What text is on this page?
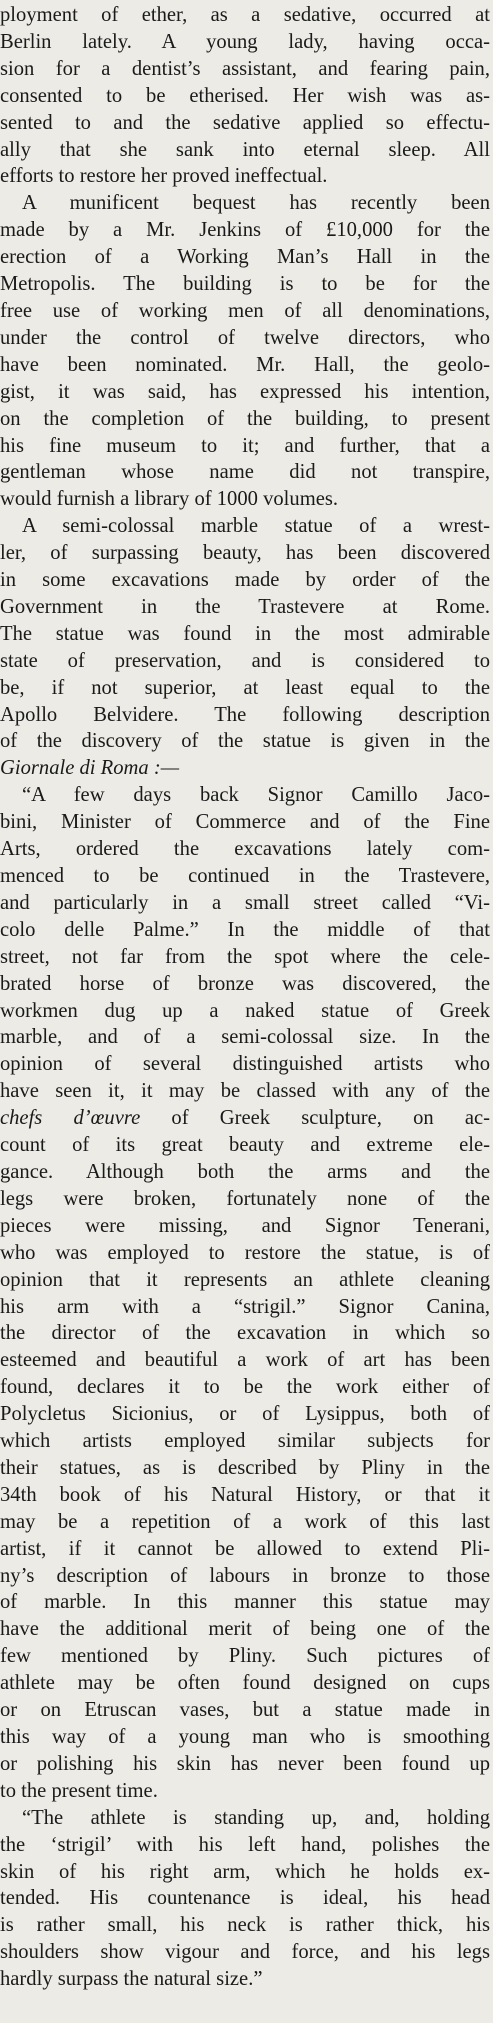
ployment of ether, as a sedative, occurred at
Berlin lately. A young lady, having occa-
sion for a dentist’s assistant, and fearing pain,
consented to be etherised. Her wish was as-
sented to and the sedative applied so effectu-
ally that she sank into eternal sleep. All
efforts to restore her proved ineffectual.
A munificent bequest has recently been
made by a Mr. Jenkins of £10,000 for the
erection of a Working Man’s Hall in the
Metropolis. The building is to be for the
free use of working men of all denominations,
under the control of twelve directors, who
have been nominated. Mr. Hall, the geolo-
gist, it was said, has expressed his intention,
on the completion of the building, to present
his fine museum to it; and further, that a
gentleman whose name did not transpire,
would furnish a library of 1000 volumes.
A semi-colossal marble statue of a wrest-
ler, of surpassing beauty, has been discovered
in some excavations made by order of the
Government in the Trastevere at Rome.
The statue was found in the most admirable
state of preservation, and is considered to
be, if not superior, at least equal to the
Apollo Belvidere. The following description
of the discovery of the statue is given in the
Giornale di Roma :—
“A few days back Signor Camillo Jaco-
bini, Minister of Commerce and of the Fine
Arts, ordered the excavations lately com-
menced to be continued in the Trastevere,
and particularly in a small street called “Vi-
colo delle Palme.” In the middle of that
street, not far from the spot where the cele-
brated horse of bronze was discovered, the
workmen dug up a naked statue of Greek
marble, and of a semi-colossal size. In the
opinion of several distinguished artists who
have seen it, it may be classed with any of the
chefs d’œuvre of Greek sculpture, on ac-
count of its great beauty and extreme ele-
gance. Although both the arms and the
legs were broken, fortunately none of the
pieces were missing, and Signor Tenerani,
who was employed to restore the statue, is of
opinion that it represents an athlete cleaning
his arm with a “strigil.” Signor Canina,
the director of the excavation in which so
esteemed and beautiful a work of art has been
found, declares it to be the work either of
Polycletus Sicionius, or of Lysippus, both of
which artists employed similar subjects for
their statues, as is described by Pliny in the
34th book of his Natural History, or that it
may be a repetition of a work of this last
artist, if it cannot be allowed to extend Pli-
ny’s description of labours in bronze to those
of marble. In this manner this statue may
have the additional merit of being one of the
few mentioned by Pliny. Such pictures of
athlete may be often found designed on cups
or on Etruscan vases, but a statue made in
this way of a young man who is smoothing
or polishing his skin has never been found up
to the present time.
“The athlete is standing up, and, holding
the ‘strigil’ with his left hand, polishes the
skin of his right arm, which he holds ex-
tended. His countenance is ideal, his head
is rather small, his neck is rather thick, his
shoulders show vigour and force, and his legs
hardly surpass the natural size.”
